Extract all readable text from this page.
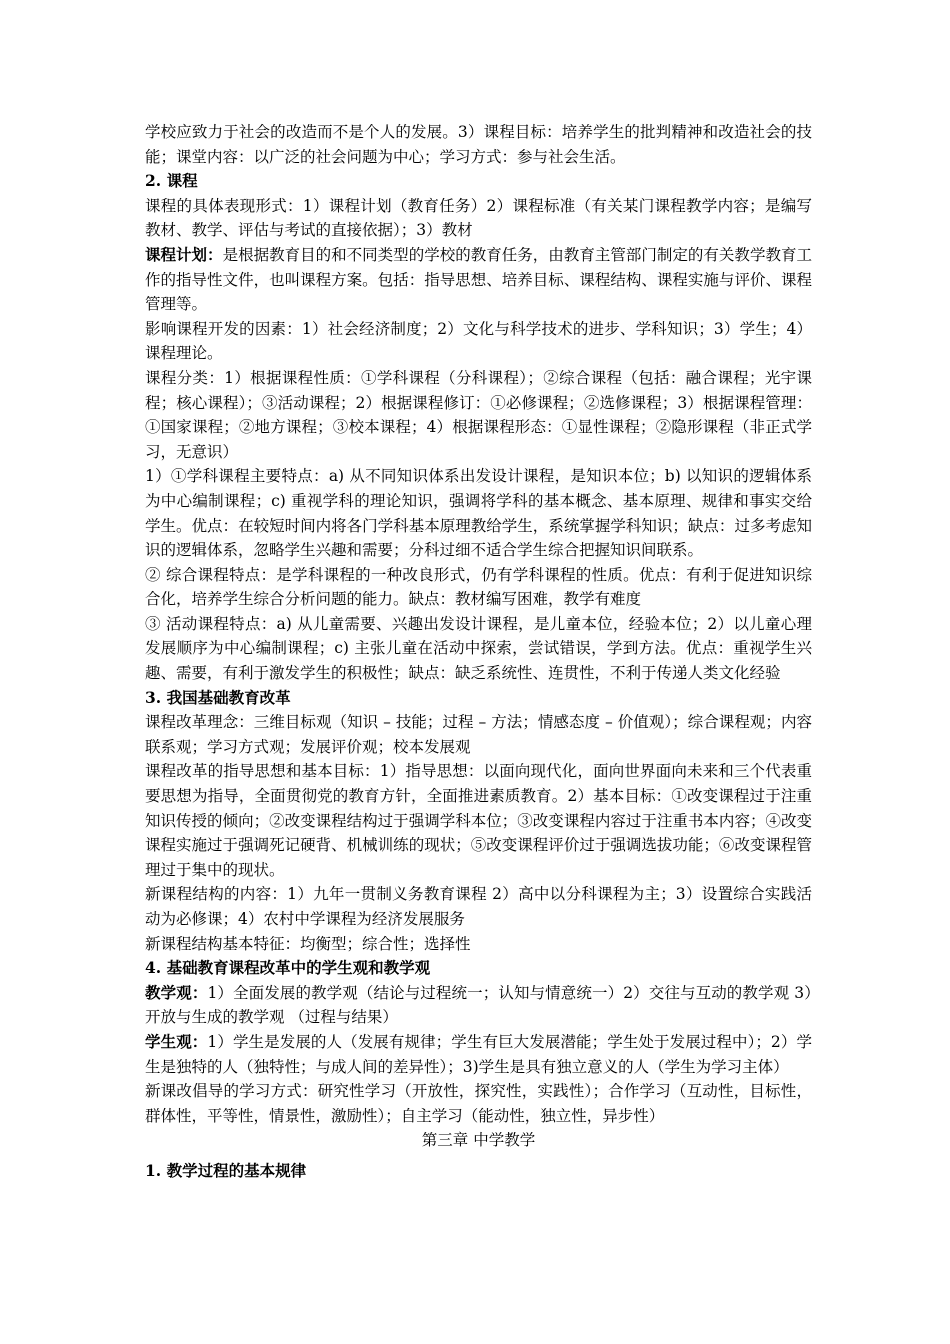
学校应致力于社会的改造而不是个人的发展。3）课程目标：培养学生的批判精神和改造社会的技能；课堂内容：以广泛的社会问题为中心；学习方式：参与社会生活。

2. 课程

课程的具体表现形式：1）课程计划（教育任务）2）课程标准（有关某门课程教学内容；是编写教材、教学、评估与考试的直接依据）；3）教材

课程计划：是根据教育目的和不同类型的学校的教育任务，由教育主管部门制定的有关教学教育工作的指导性文件，也叫课程方案。包括：指导思想、培养目标、课程结构、课程实施与评价、课程管理等。

影响课程开发的因素：1）社会经济制度；2）文化与科学技术的进步、学科知识；3）学生；4）课程理论。

课程分类：1）根据课程性质：①学科课程（分科课程）；②综合课程（包括：融合课程；光宇课程；核心课程）；③活动课程；2）根据课程修订：①必修课程；②选修课程；3）根据课程管理：①国家课程；②地方课程；③校本课程；4）根据课程形态：①显性课程；②隐形课程（非正式学习，无意识）

1）①学科课程主要特点：a) 从不同知识体系出发设计课程，是知识本位；b) 以知识的逻辑体系为中心编制课程；c) 重视学科的理论知识，强调将学科的基本概念、基本原理、规律和事实交给学生。优点：在较短时间内将各门学科基本原理教给学生，系统掌握学科知识；缺点：过多考虑知识的逻辑体系，忽略学生兴趣和需要；分科过细不适合学生综合把握知识间联系。

② 综合课程特点：是学科课程的一种改良形式，仍有学科课程的性质。优点：有利于促进知识综合化，培养学生综合分析问题的能力。缺点：教材编写困难，教学有难度

③ 活动课程特点：a) 从儿童需要、兴趣出发设计课程，是儿童本位，经验本位；2）以儿童心理发展顺序为中心编制课程；c) 主张儿童在活动中探索，尝试错误，学到方法。优点：重视学生兴趣、需要，有利于激发学生的积极性；缺点：缺乏系统性、连贯性，不利于传递人类文化经验

3. 我国基础教育改革

课程改革理念：三维目标观（知识 – 技能；过程 – 方法；情感态度 – 价值观）；综合课程观；内容联系观；学习方式观；发展评价观；校本发展观

课程改革的指导思想和基本目标：1）指导思想：以面向现代化，面向世界面向未来和三个代表重要思想为指导，全面贯彻党的教育方针，全面推进素质教育。2）基本目标：①改变课程过于注重知识传授的倾向；②改变课程结构过于强调学科本位；③改变课程内容过于注重书本内容；④改变课程实施过于强调死记硬背、机械训练的现状；⑤改变课程评价过于强调选拔功能；⑥改变课程管理过于集中的现状。

新课程结构的内容：1）九年一贯制义务教育课程 2）高中以分科课程为主；3）设置综合实践活动为必修课；4）农村中学课程为经济发展服务

新课程结构基本特征：均衡型；综合性；选择性

4. 基础教育课程改革中的学生观和教学观

教学观：1）全面发展的教学观（结论与过程统一；认知与情意统一）2）交往与互动的教学观 3）开放与生成的教学观 （过程与结果）

学生观：1）学生是发展的人（发展有规律；学生有巨大发展潜能；学生处于发展过程中）；2）学生是独特的人（独特性；与成人间的差异性）；3)学生是具有独立意义的人（学生为学习主体）

新课改倡导的学习方式：研究性学习（开放性，探究性，实践性）；合作学习（互动性，目标性，群体性，平等性，情景性，激励性）；自主学习（能动性，独立性，异步性）

第三章 中学教学

1. 教学过程的基本规律
